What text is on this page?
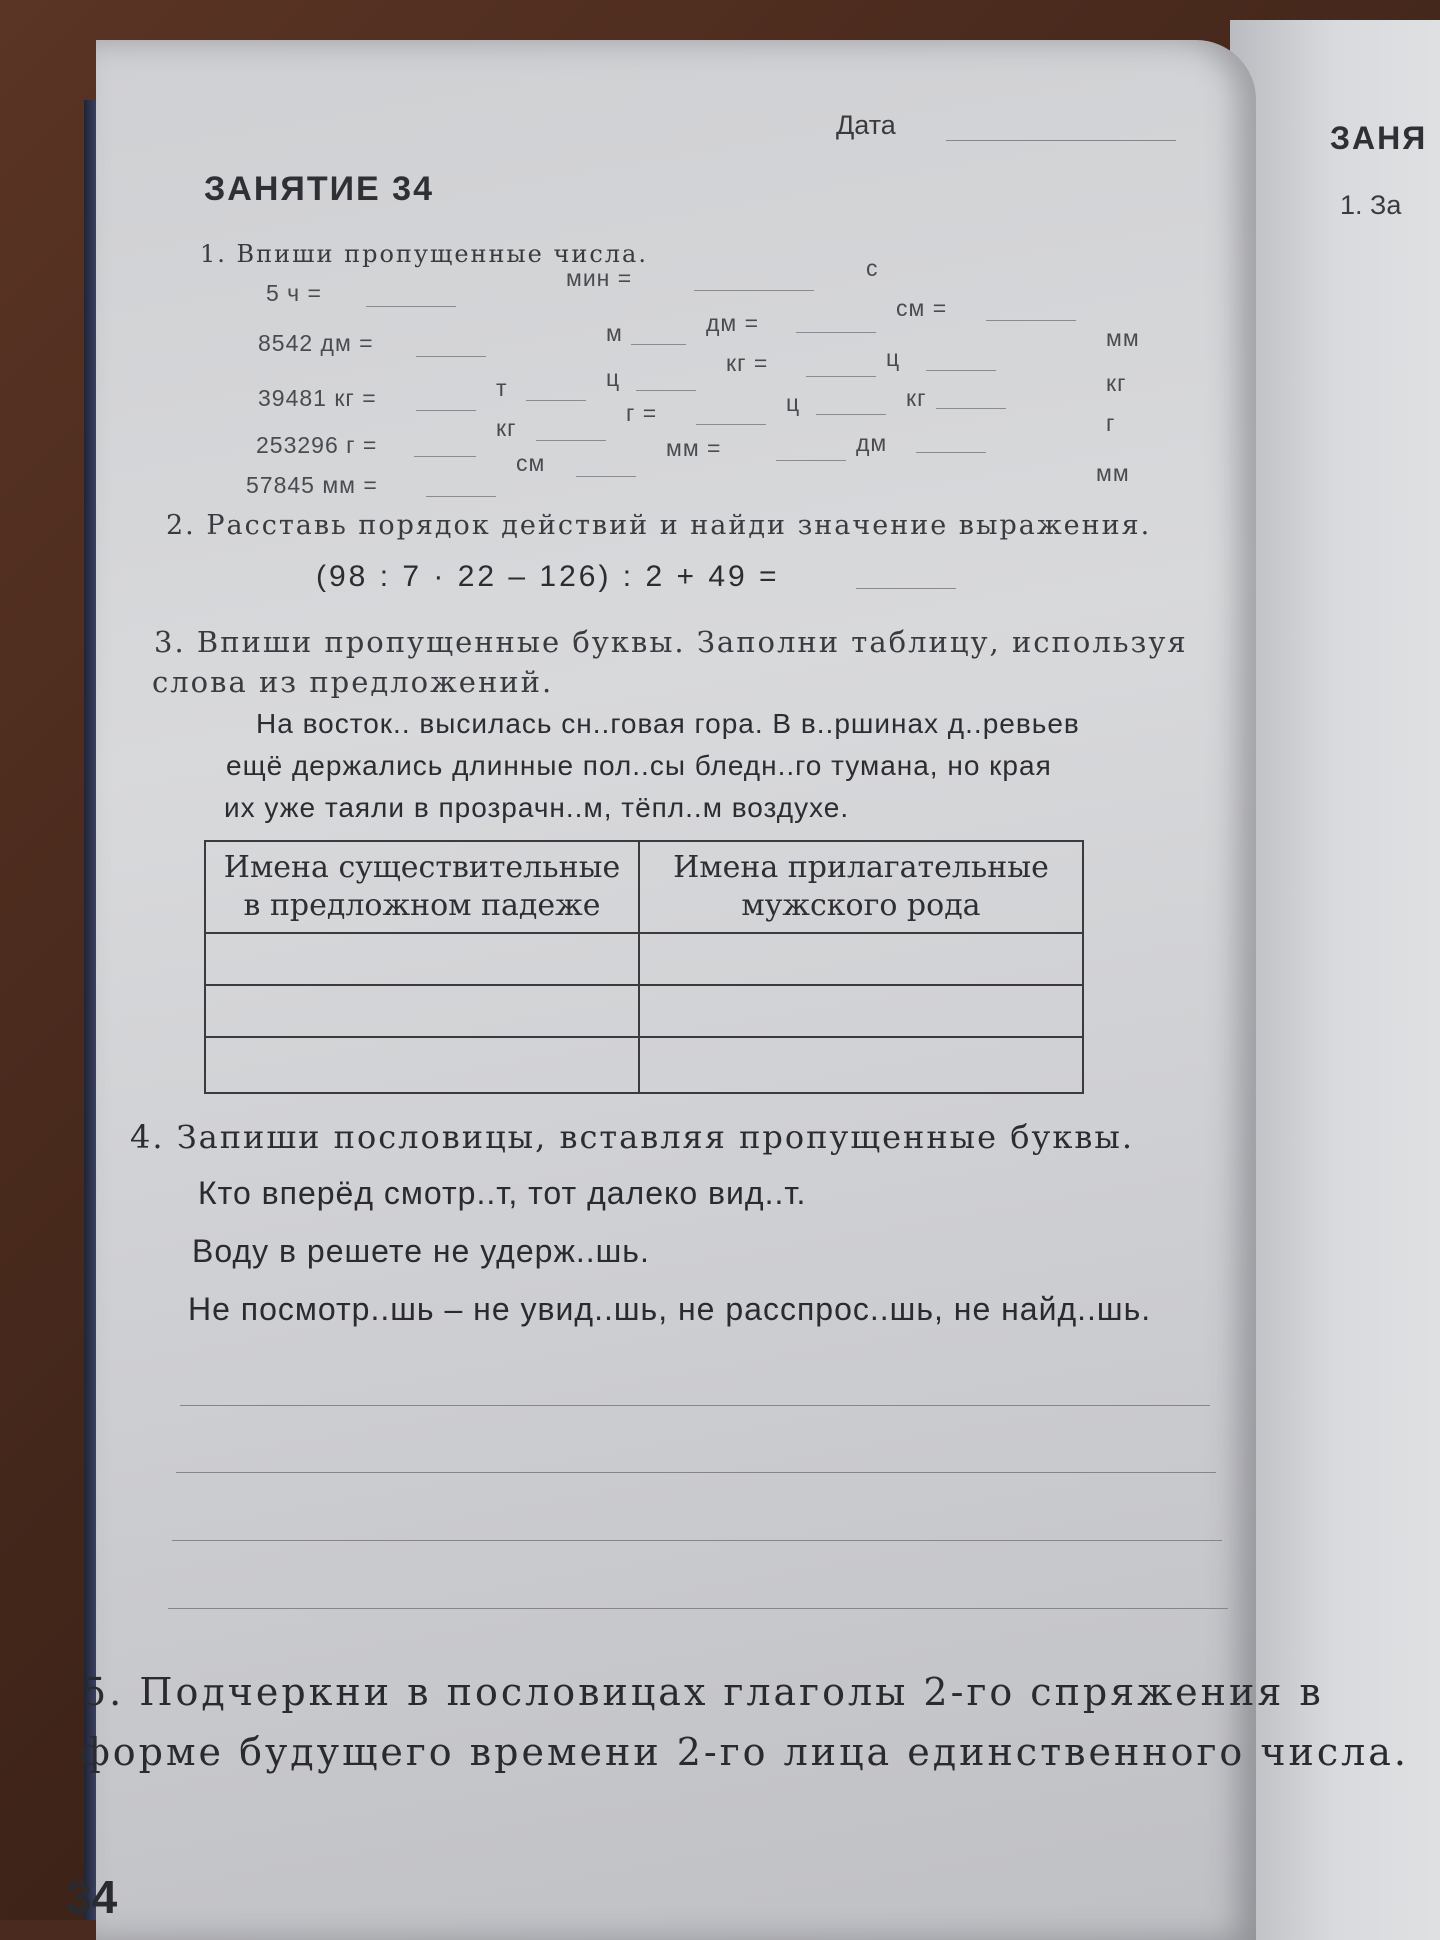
ЗАНЯ
1. За
Дата
ЗАНЯТИЕ 34
1. Впиши пропущенные числа.
5 ч =
мин =	с
8542 дм =	м	дм =
см =
мм
39481 кг =	т	ц
кг =	ц
кг
253296 г =
кг
г =	ц	кг
г
57845 мм =
см
мм =	дм
мм
2. Расставь порядок действий и найди значение выражения.
(98 : 7 · 22 – 126) : 2 + 49 =
3. Впиши пропущенные буквы. Заполни таблицу, используя
слова из предложений.
На восток.. высилась сн..говая гора. В в..ршинах д..ревьев
ещё держались длинные пол..сы бледн..го тумана, но края
их уже таяли в прозрачн..м, тёпл..м воздухе.
Имена существительные в предложном падеже	Имена прилагательные мужского рода

4. Запиши пословицы, вставляя пропущенные буквы.
Кто вперёд смотр..т, тот далеко вид..т.
Воду в решете не удерж..шь.
Не посмотр..шь – не увид..шь, не расспрос..шь, не найд..шь.
5. Подчеркни в пословицах глаголы 2-го спряжения в
форме будущего времени 2-го лица единственного числа.
34
